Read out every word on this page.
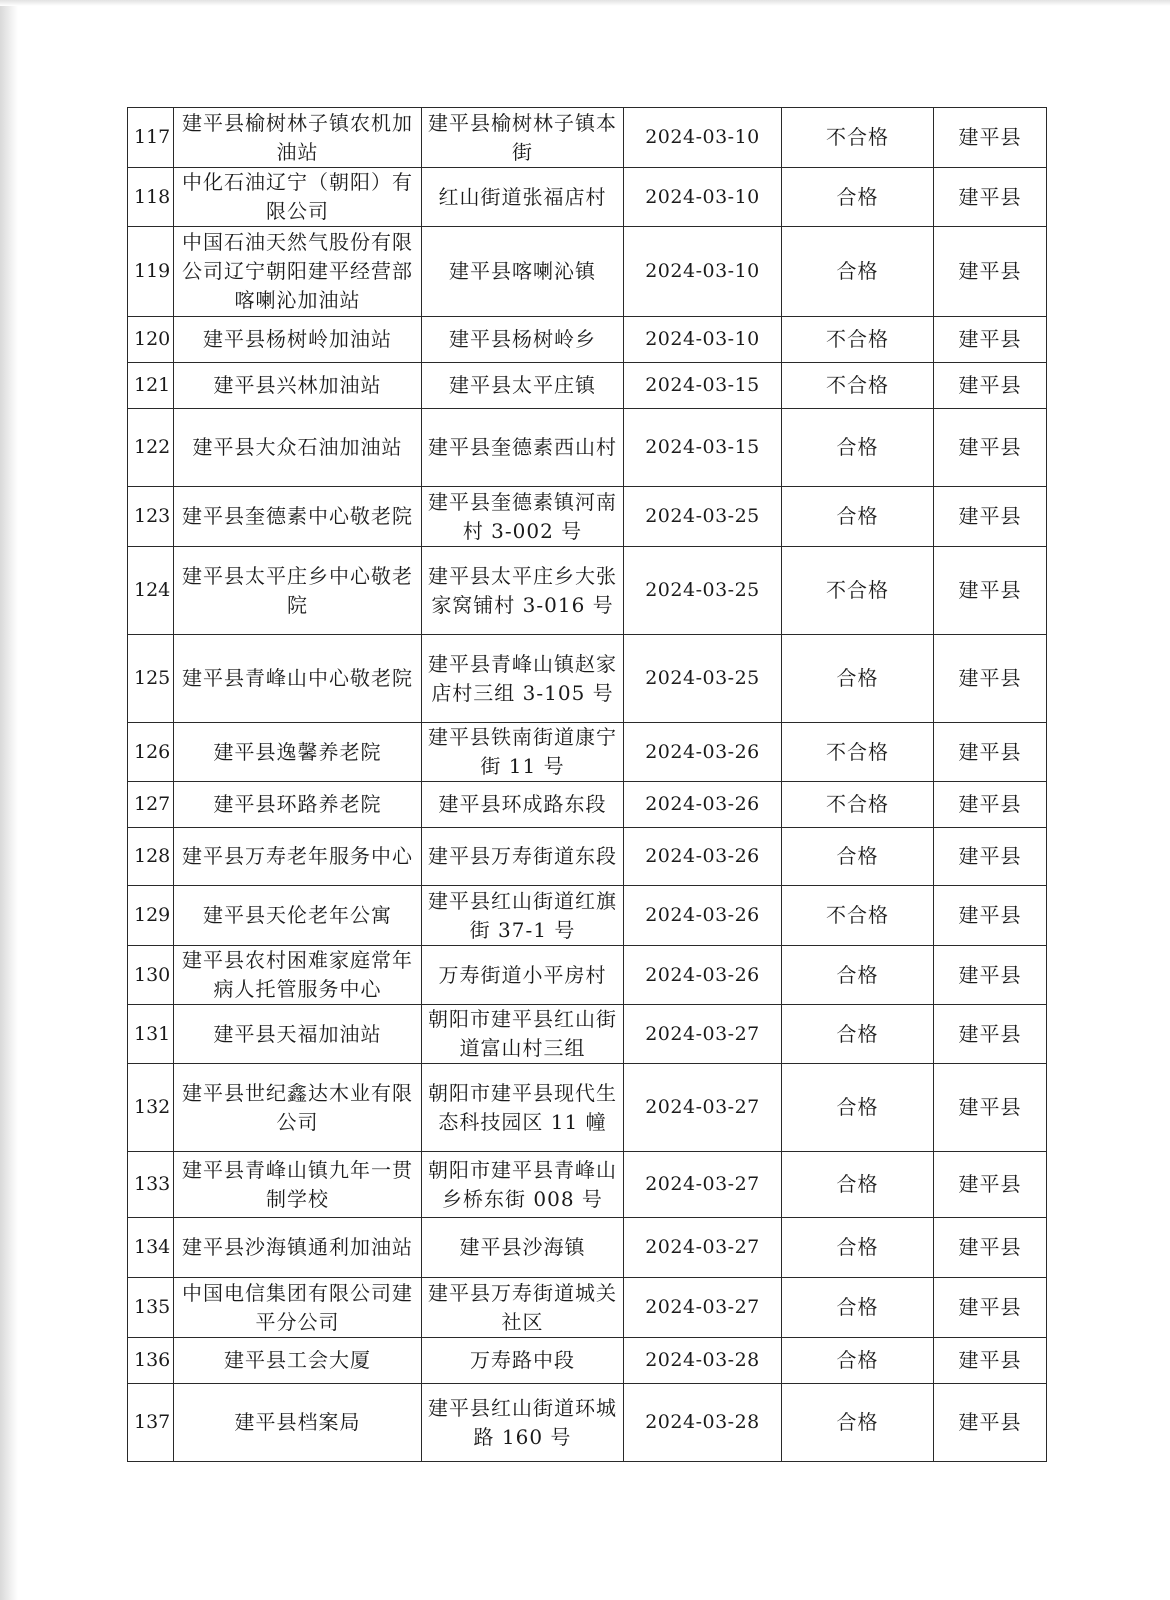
117	建平县榆树林子镇农机加油站	建平县榆树林子镇本街	2024-03-10	不合格	建平县
118	中化石油辽宁（朝阳）有限公司	红山街道张福店村	2024-03-10	合格	建平县
119	中国石油天然气股份有限公司辽宁朝阳建平经营部喀喇沁加油站	建平县喀喇沁镇	2024-03-10	合格	建平县
120	建平县杨树岭加油站	建平县杨树岭乡	2024-03-10	不合格	建平县
121	建平县兴林加油站	建平县太平庄镇	2024-03-15	不合格	建平县
122	建平县大众石油加油站	建平县奎德素西山村	2024-03-15	合格	建平县
123	建平县奎德素中心敬老院	建平县奎德素镇河南村 3-002 号	2024-03-25	合格	建平县
124	建平县太平庄乡中心敬老院	建平县太平庄乡大张家窝铺村 3-016 号	2024-03-25	不合格	建平县
125	建平县青峰山中心敬老院	建平县青峰山镇赵家店村三组 3-105 号	2024-03-25	合格	建平县
126	建平县逸馨养老院	建平县铁南街道康宁街 11 号	2024-03-26	不合格	建平县
127	建平县环路养老院	建平县环成路东段	2024-03-26	不合格	建平县
128	建平县万寿老年服务中心	建平县万寿街道东段	2024-03-26	合格	建平县
129	建平县天伦老年公寓	建平县红山街道红旗街 37-1 号	2024-03-26	不合格	建平县
130	建平县农村困难家庭常年病人托管服务中心	万寿街道小平房村	2024-03-26	合格	建平县
131	建平县天福加油站	朝阳市建平县红山街道富山村三组	2024-03-27	合格	建平县
132	建平县世纪鑫达木业有限公司	朝阳市建平县现代生态科技园区 11 幢	2024-03-27	合格	建平县
133	建平县青峰山镇九年一贯制学校	朝阳市建平县青峰山乡桥东街 008 号	2024-03-27	合格	建平县
134	建平县沙海镇通利加油站	建平县沙海镇	2024-03-27	合格	建平县
135	中国电信集团有限公司建平分公司	建平县万寿街道城关社区	2024-03-27	合格	建平县
136	建平县工会大厦	万寿路中段	2024-03-28	合格	建平县
137	建平县档案局	建平县红山街道环城路 160 号	2024-03-28	合格	建平县
